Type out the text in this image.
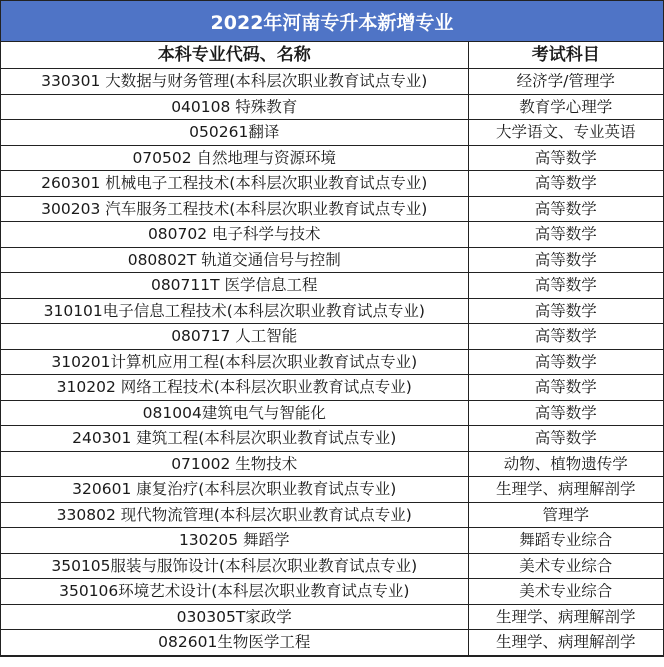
2022年河南专升本新增专业
本科专业代码、名称	考试科目
330301 大数据与财务管理(本科层次职业教育试点专业)	经济学/管理学
040108 特殊教育	教育学心理学
050261翻译	大学语文、专业英语
070502 自然地理与资源环境	高等数学
260301 机械电子工程技术(本科层次职业教育试点专业)	高等数学
300203 汽车服务工程技术(本科层次职业教育试点专业)	高等数学
080702 电子科学与技术	高等数学
080802T 轨道交通信号与控制	高等数学
080711T 医学信息工程	高等数学
310101电子信息工程技术(本科层次职业教育试点专业)	高等数学
080717 人工智能	高等数学
310201计算机应用工程(本科层次职业教育试点专业)	高等数学
310202 网络工程技术(本科层次职业教育试点专业)	高等数学
081004建筑电气与智能化	高等数学
240301 建筑工程(本科层次职业教育试点专业)	高等数学
071002 生物技术	动物、植物遗传学
320601 康复治疗(本科层次职业教育试点专业)	生理学、病理解剖学
330802 现代物流管理(本科层次职业教育试点专业)	管理学
130205 舞蹈学	舞蹈专业综合
350105服装与服饰设计(本科层次职业教育试点专业)	美术专业综合
350106环境艺术设计(本科层次职业教育试点专业)	美术专业综合
030305T家政学	生理学、病理解剖学
082601生物医学工程	生理学、病理解剖学
